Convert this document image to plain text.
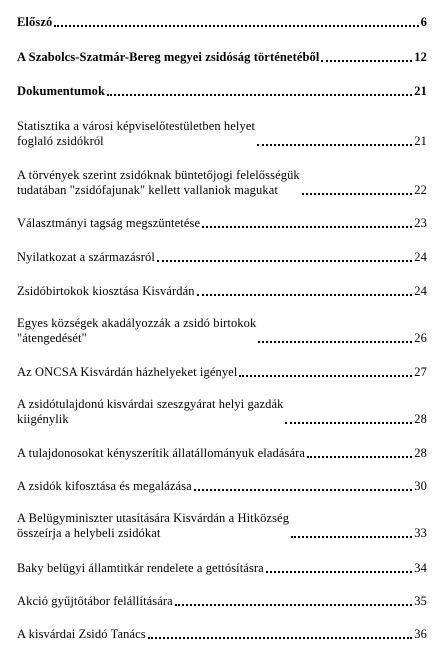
Előszó	6
A Szabolcs-Szatmár-Bereg megyei zsidóság történetéből	12
Dokumentumok	21
Statisztika a városi képviselőtestületben helyet
foglaló zsidókról	21
A törvények szerint zsidóknak büntetőjogi felelősségük
tudatában "zsidófajunak" kellett vallaniok magukat	22
Választmányi tagság megszüntetése	23
Nyilatkozat a származásról	24
Zsidóbirtokok kiosztása Kisvárdán	24
Egyes községek akadályozzák a zsidó birtokok
"átengedését"	26
Az ONCSA Kisvárdán házhelyeket igényel	27
A zsidótulajdonú kisvárdai szeszgyárat helyi gazdák
kiigénylik	28
A tulajdonosokat kényszerítik állatállományuk eladására	28
A zsidók kifosztása és megalázása	30
A Belügyminiszter utasítására Kisvárdán a Hitközség
összeírja a helybeli zsidókat	33
Baky belügyi államtitkár rendelete a gettósításra	34
Akció gyűjtőtábor felállítására	35
A kisvárdai Zsidó Tanács	36
